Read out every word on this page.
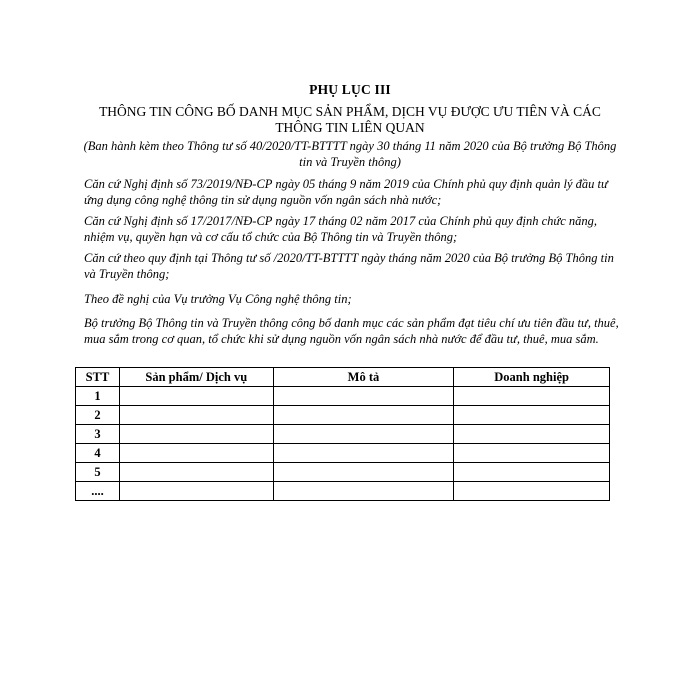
PHỤ LỤC III
THÔNG TIN CÔNG BỐ DANH MỤC SẢN PHẨM, DỊCH VỤ ĐƯỢC ƯU TIÊN VÀ CÁC THÔNG TIN LIÊN QUAN
(Ban hành kèm theo Thông tư số 40/2020/TT-BTTTT ngày 30 tháng 11 năm 2020 của Bộ trưởng Bộ Thông tin và Truyền thông)
Căn cứ Nghị định số 73/2019/NĐ-CP ngày 05 tháng 9 năm 2019 của Chính phủ quy định quản lý đầu tư ứng dụng công nghệ thông tin sử dụng nguồn vốn ngân sách nhà nước;
Căn cứ Nghị định số 17/2017/NĐ-CP ngày 17 tháng 02 năm 2017 của Chính phủ quy định chức năng, nhiệm vụ, quyền hạn và cơ cấu tổ chức của Bộ Thông tin và Truyền thông;
Căn cứ theo quy định tại Thông tư số /2020/TT-BTTTT ngày tháng năm 2020 của Bộ trưởng Bộ Thông tin và Truyền thông;
Theo đề nghị của Vụ trưởng Vụ Công nghệ thông tin;
Bộ trưởng Bộ Thông tin và Truyền thông công bố danh mục các sản phẩm đạt tiêu chí ưu tiên đầu tư, thuê, mua sắm trong cơ quan, tổ chức khi sử dụng nguồn vốn ngân sách nhà nước để đầu tư, thuê, mua sắm.
STT	Sản phẩm/ Dịch vụ	Mô tả	Doanh nghiệp
1			
2			
3			
4			
5			
....			
